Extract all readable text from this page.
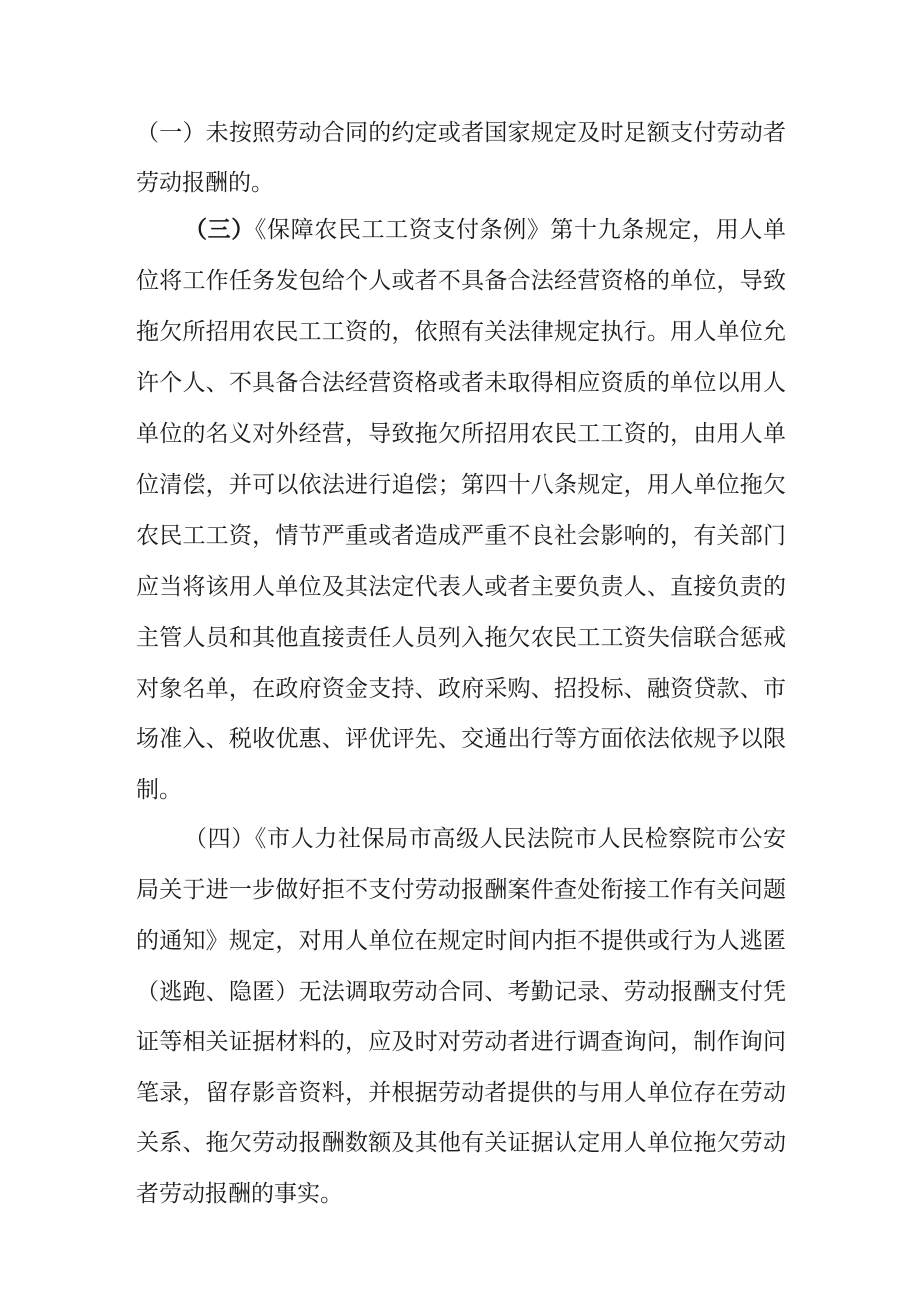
（一）未按照劳动合同的约定或者国家规定及时足额支付劳动者
劳动报酬的。
（三）《保障农民工工资支付条例》第十九条规定，用人单
位将工作任务发包给个人或者不具备合法经营资格的单位，导致
拖欠所招用农民工工资的，依照有关法律规定执行。用人单位允
许个人、不具备合法经营资格或者未取得相应资质的单位以用人
单位的名义对外经营，导致拖欠所招用农民工工资的，由用人单
位清偿，并可以依法进行追偿；第四十八条规定，用人单位拖欠
农民工工资，情节严重或者造成严重不良社会影响的，有关部门
应当将该用人单位及其法定代表人或者主要负责人、直接负责的
主管人员和其他直接责任人员列入拖欠农民工工资失信联合惩戒
对象名单，在政府资金支持、政府采购、招投标、融资贷款、市
场准入、税收优惠、评优评先、交通出行等方面依法依规予以限
制。
（四）《市人力社保局市高级人民法院市人民检察院市公安
局关于进一步做好拒不支付劳动报酬案件查处衔接工作有关问题
的通知》规定，对用人单位在规定时间内拒不提供或行为人逃匿
（逃跑、隐匿）无法调取劳动合同、考勤记录、劳动报酬支付凭
证等相关证据材料的，应及时对劳动者进行调查询问，制作询问
笔录，留存影音资料，并根据劳动者提供的与用人单位存在劳动
关系、拖欠劳动报酬数额及其他有关证据认定用人单位拖欠劳动
者劳动报酬的事实。
